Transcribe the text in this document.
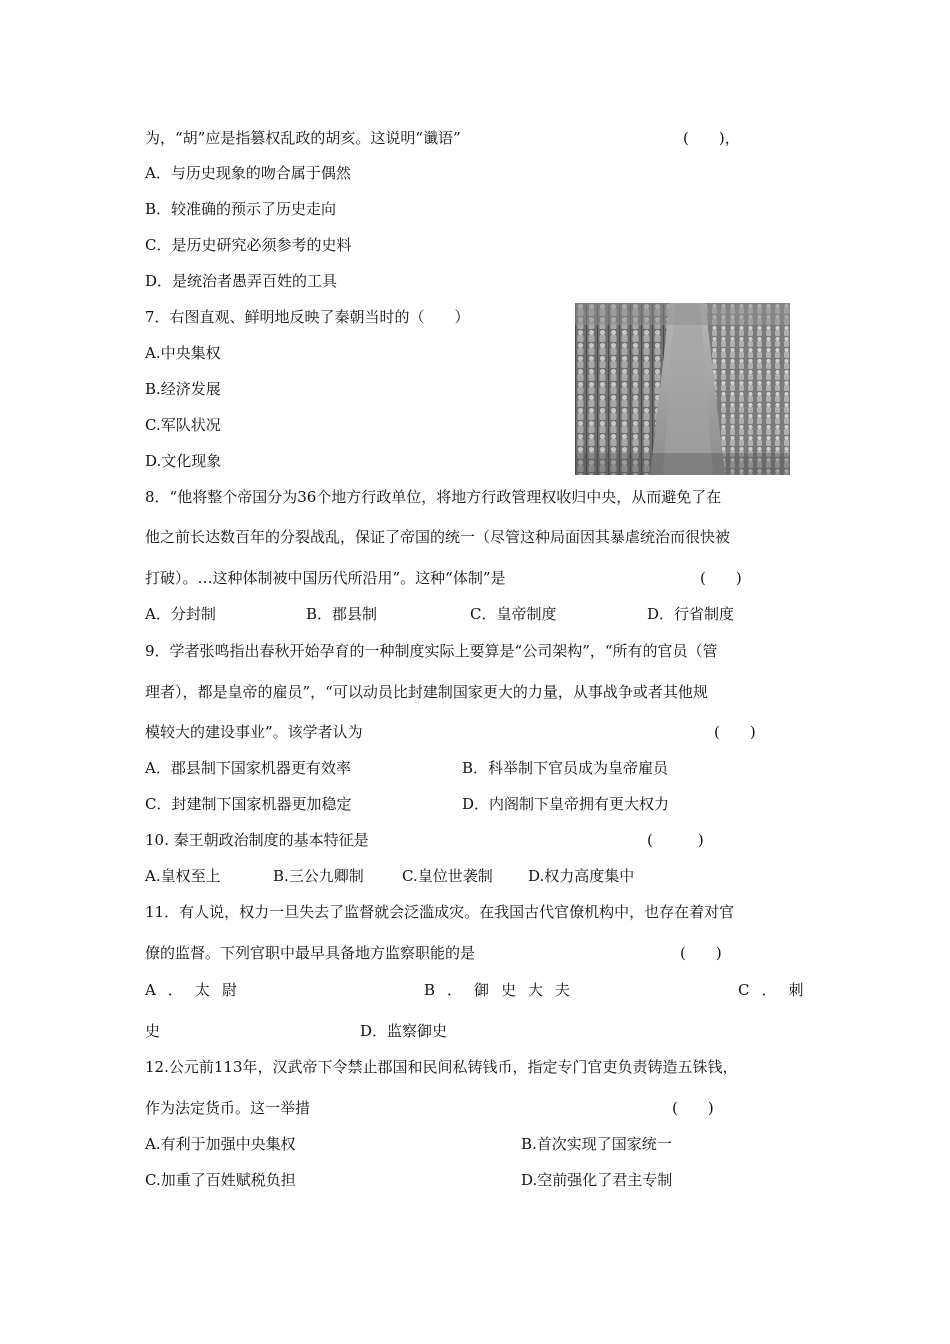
为，“胡”应是指篡权乱政的胡亥。这说明“谶语”	(　　)，
A．与历史现象的吻合属于偶然
B．较准确的预示了历史走向
C．是历史研究必须参考的史料
D．是统治者愚弄百姓的工具
7．右图直观、鲜明地反映了秦朝当时的（　　）
A.中央集权
B.经济发展
C.军队状况
D.文化现象
8．“他将整个帝国分为36个地方行政单位，将地方行政管理权收归中央，从而避免了在
他之前长达数百年的分裂战乱，保证了帝国的统一（尽管这种局面因其暴虐统治而很快被
打破）。…这种体制被中国历代所沿用”。这种“体制”是	(　　)
A．分封制	B．郡县制	C．皇帝制度	D．行省制度
9．学者张鸣指出春秋开始孕育的一种制度实际上要算是“公司架构”，“所有的官员（管
理者），都是皇帝的雇员”，“可以动员比封建制国家更大的力量，从事战争或者其他规
模较大的建设事业”。该学者认为	(　　)
A．郡县制下国家机器更有效率	B．科举制下官员成为皇帝雇员
C．封建制下国家机器更加稳定	D．内阁制下皇帝拥有更大权力
10. 秦王朝政治制度的基本特征是	(　　　)
A.皇权至上	B.三公九卿制	C.皇位世袭制 D.权力高度集中
11．有人说，权力一旦失去了监督就会泛滥成灾。在我国古代官僚机构中，也存在着对官
僚的监督。下列官职中最早具备地方监察职能的是	(　　)
A．太尉	B．御史大夫	C．刺
史	D．监察御史
12.公元前113年，汉武帝下令禁止郡国和民间私铸钱币，指定专门官吏负责铸造五铢钱，
作为法定货币。这一举措	(　　)
A.有利于加强中央集权	B.首次实现了国家统一
C.加重了百姓赋税负担	D.空前强化了君主专制
